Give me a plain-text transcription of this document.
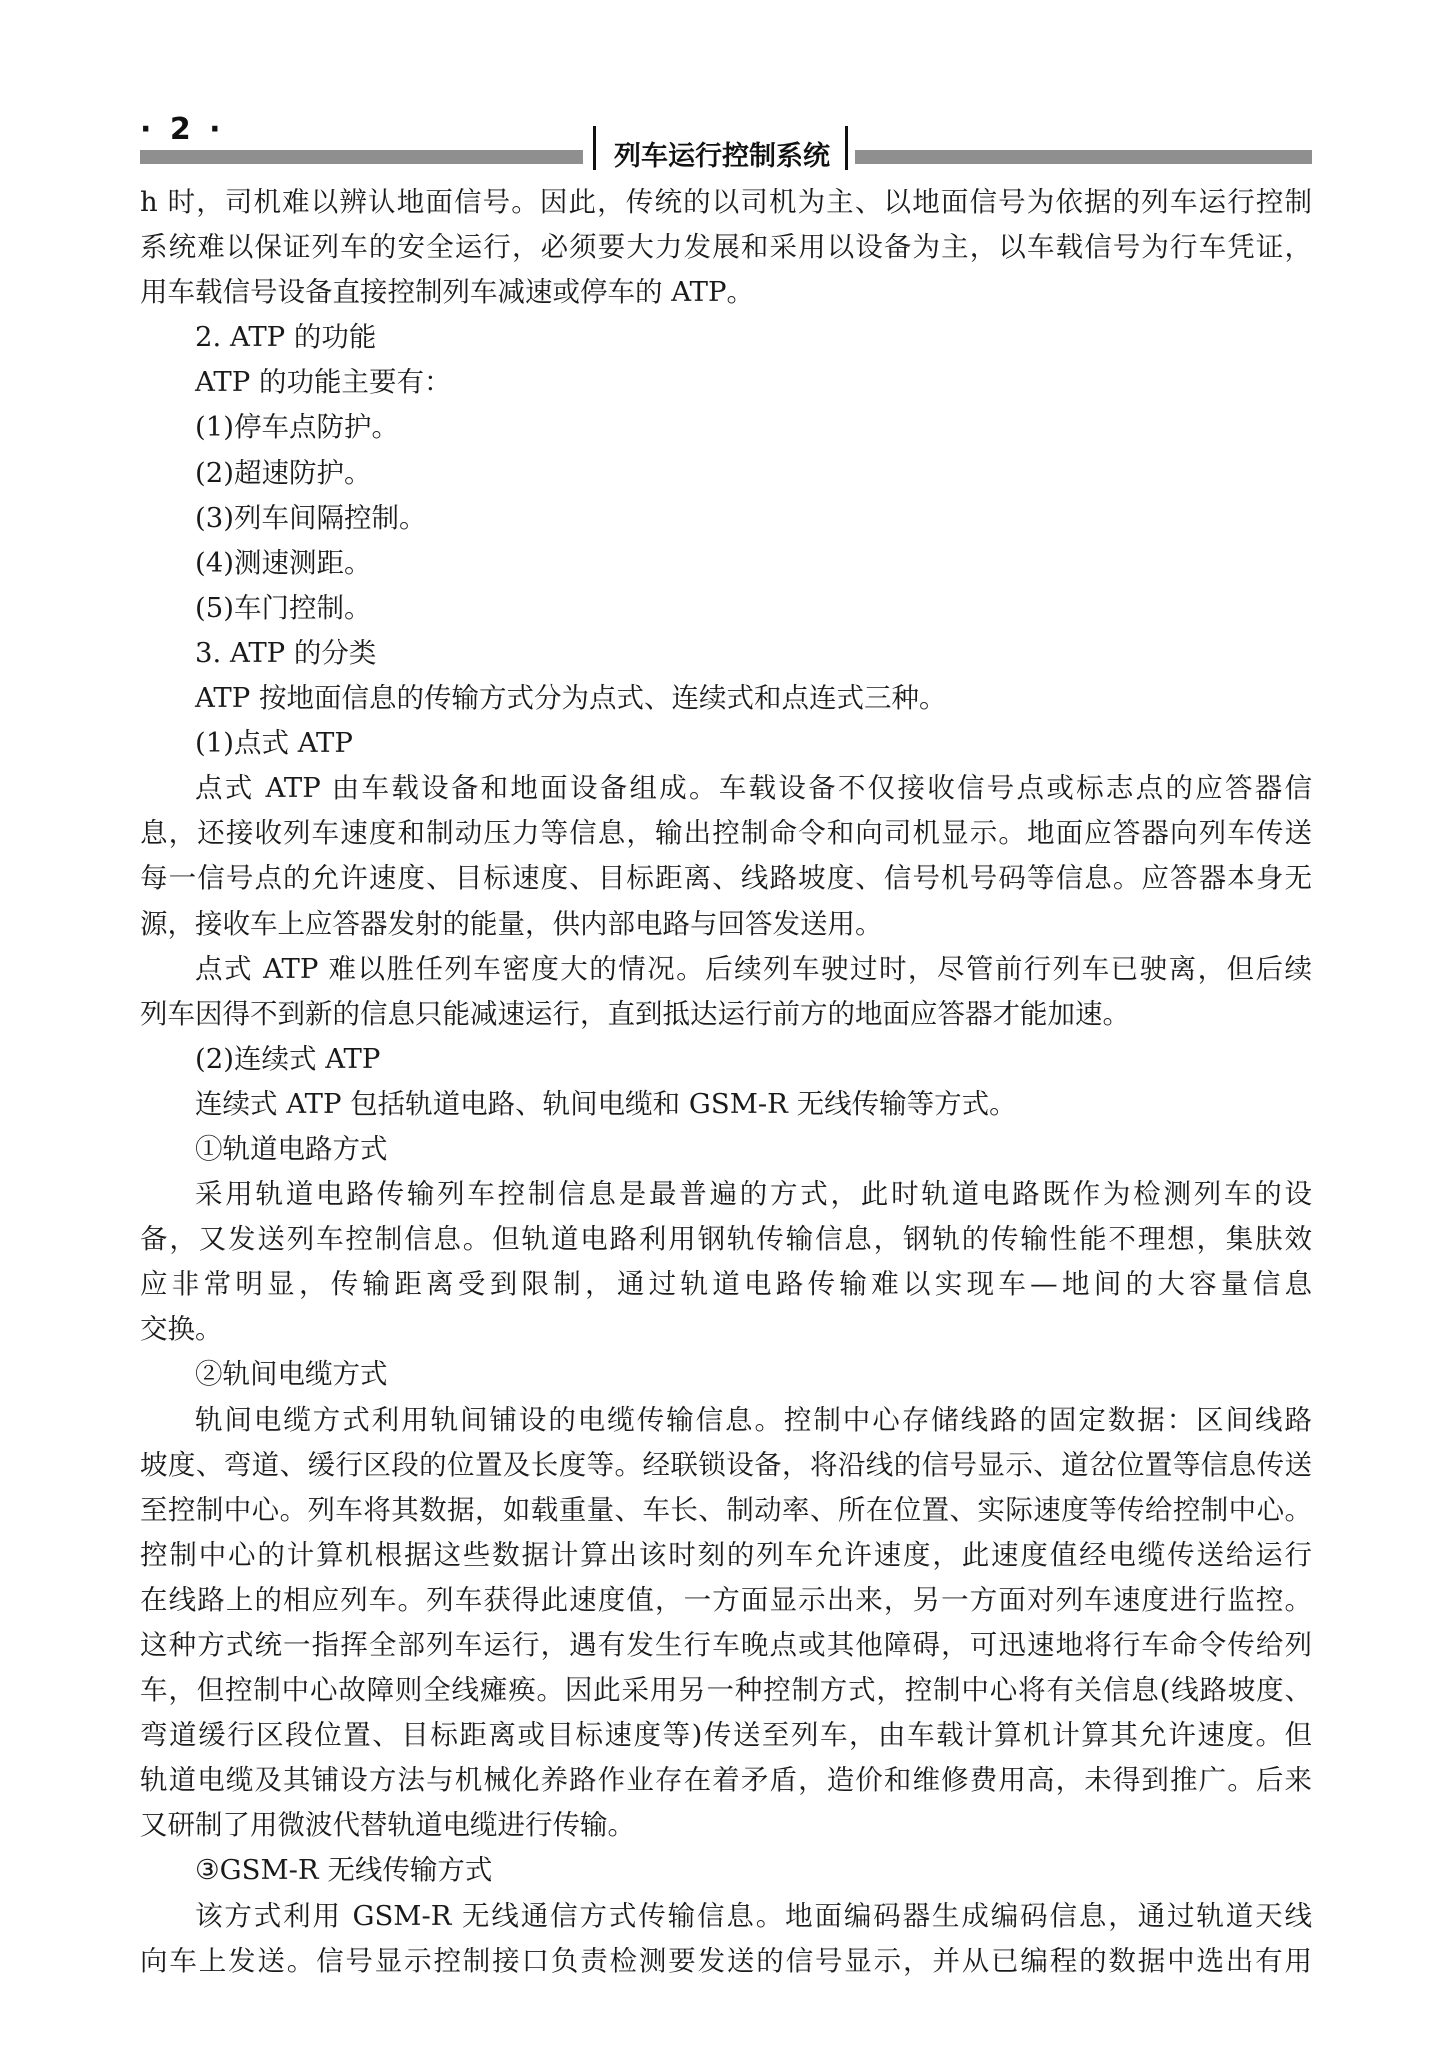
· 2 ·
列车运行控制系统

h 时，司机难以辨认地面信号。因此，传统的以司机为主、以地面信号为依据的列车运行控制

系统难以保证列车的安全运行，必须要大力发展和采用以设备为主，以车载信号为行车凭证，

用车载信号设备直接控制列车减速或停车的 ATP。

2. ATP 的功能

ATP 的功能主要有：

(1)停车点防护。

(2)超速防护。

(3)列车间隔控制。

(4)测速测距。

(5)车门控制。

3. ATP 的分类

ATP 按地面信息的传输方式分为点式、连续式和点连式三种。

(1)点式 ATP

点式 ATP 由车载设备和地面设备组成。车载设备不仅接收信号点或标志点的应答器信

息，还接收列车速度和制动压力等信息，输出控制命令和向司机显示。地面应答器向列车传送

每一信号点的允许速度、目标速度、目标距离、线路坡度、信号机号码等信息。应答器本身无

源，接收车上应答器发射的能量，供内部电路与回答发送用。

点式 ATP 难以胜任列车密度大的情况。后续列车驶过时，尽管前行列车已驶离，但后续

列车因得不到新的信息只能减速运行，直到抵达运行前方的地面应答器才能加速。

(2)连续式 ATP

连续式 ATP 包括轨道电路、轨间电缆和 GSM-R 无线传输等方式。

①轨道电路方式

采用轨道电路传输列车控制信息是最普遍的方式，此时轨道电路既作为检测列车的设

备，又发送列车控制信息。但轨道电路利用钢轨传输信息，钢轨的传输性能不理想，集肤效

应非常明显，传输距离受到限制，通过轨道电路传输难以实现车—地间的大容量信息

交换。

②轨间电缆方式

轨间电缆方式利用轨间铺设的电缆传输信息。控制中心存储线路的固定数据：区间线路

坡度、弯道、缓行区段的位置及长度等。经联锁设备，将沿线的信号显示、道岔位置等信息传送

至控制中心。列车将其数据，如载重量、车长、制动率、所在位置、实际速度等传给控制中心。

控制中心的计算机根据这些数据计算出该时刻的列车允许速度，此速度值经电缆传送给运行

在线路上的相应列车。列车获得此速度值，一方面显示出来，另一方面对列车速度进行监控。

这种方式统一指挥全部列车运行，遇有发生行车晚点或其他障碍，可迅速地将行车命令传给列

车，但控制中心故障则全线瘫痪。因此采用另一种控制方式，控制中心将有关信息(线路坡度、

弯道缓行区段位置、目标距离或目标速度等)传送至列车，由车载计算机计算其允许速度。但

轨道电缆及其铺设方法与机械化养路作业存在着矛盾，造价和维修费用高，未得到推广。后来

又研制了用微波代替轨道电缆进行传输。

③GSM-R 无线传输方式

该方式利用 GSM-R 无线通信方式传输信息。地面编码器生成编码信息，通过轨道天线

向车上发送。信号显示控制接口负责检测要发送的信号显示，并从已编程的数据中选出有用
